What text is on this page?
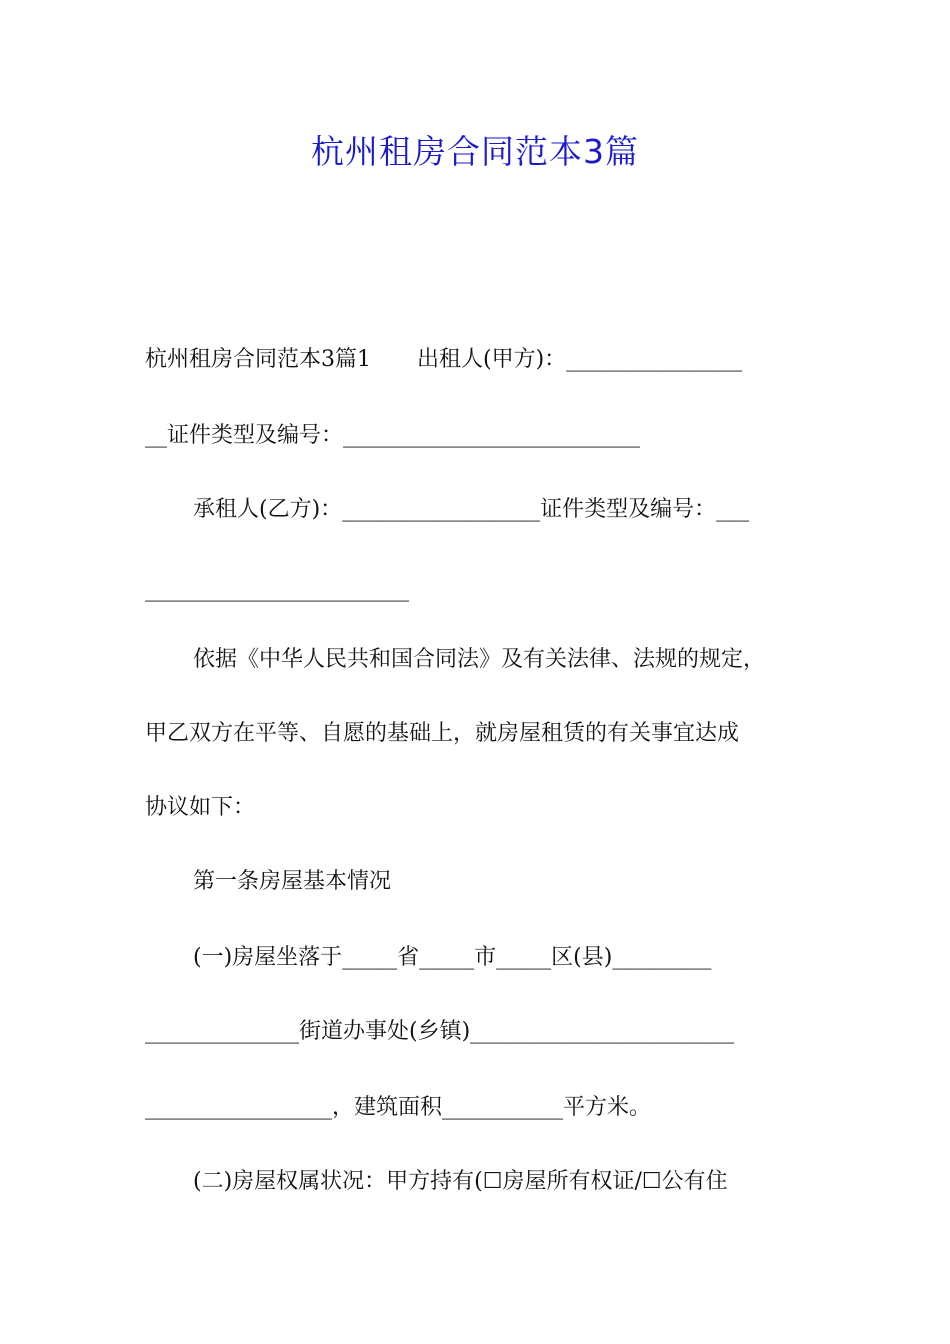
杭州租房合同范本3篇
杭州租房合同范本3篇1 出租人(甲方)：________________
__证件类型及编号：___________________________
承租人(乙方)：__________________证件类型及编号：___
________________________
依据《中华人民共和国合同法》及有关法律、法规的规定，
甲乙双方在平等、自愿的基础上，就房屋租赁的有关事宜达成
协议如下：
第一条房屋基本情况
(一)房屋坐落于_____省_____市_____区(县)_________
______________街道办事处(乡镇)________________________
_________________，建筑面积___________平方米。
(二)房屋权属状况：甲方持有(☐房屋所有权证/☐公有住
